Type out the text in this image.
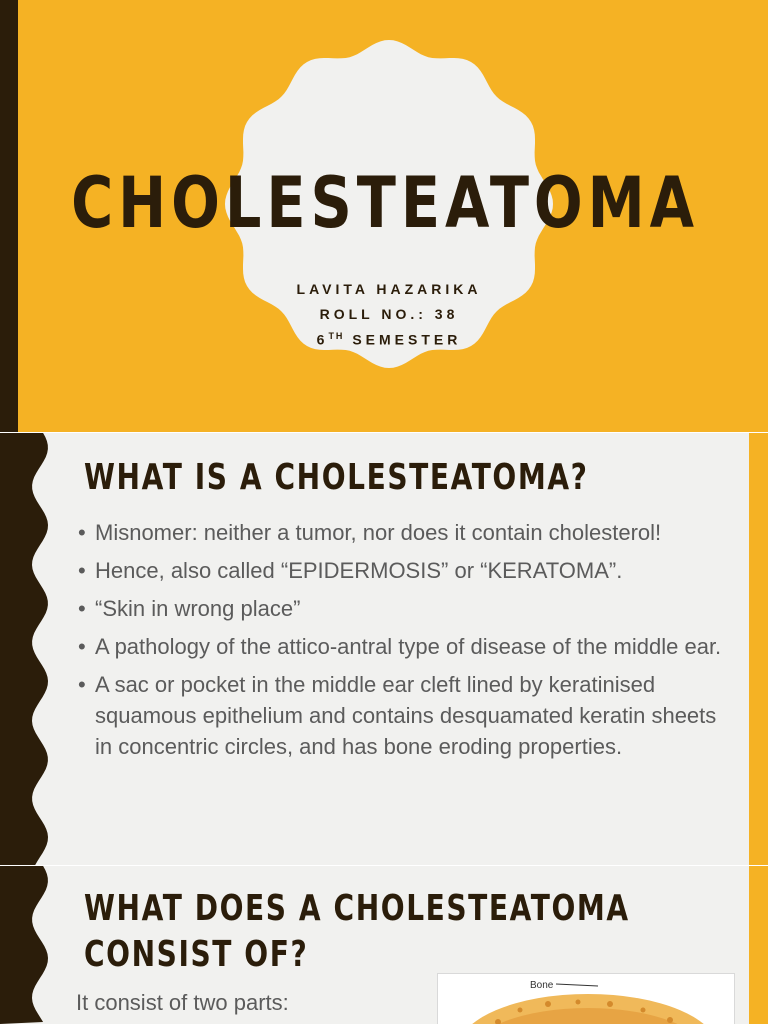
CHOLESTEATOMA
LAVITA HAZARIKA
ROLL NO.: 38
6TH SEMESTER
WHAT IS A CHOLESTEATOMA?
• Misnomer: neither a tumor, nor does it contain cholesterol!
• Hence, also called “EPIDERMOSIS” or “KERATOMA”.
• “Skin in wrong place”
• A pathology of the attico-antral type of disease of the middle ear.
• A sac or pocket in the middle ear cleft lined by keratinised squamous epithelium and contains desquamated keratin sheets in concentric circles, and has bone eroding properties.
WHAT DOES A CHOLESTEATOMA
CONSIST OF?

It consist of two parts:

Bone
